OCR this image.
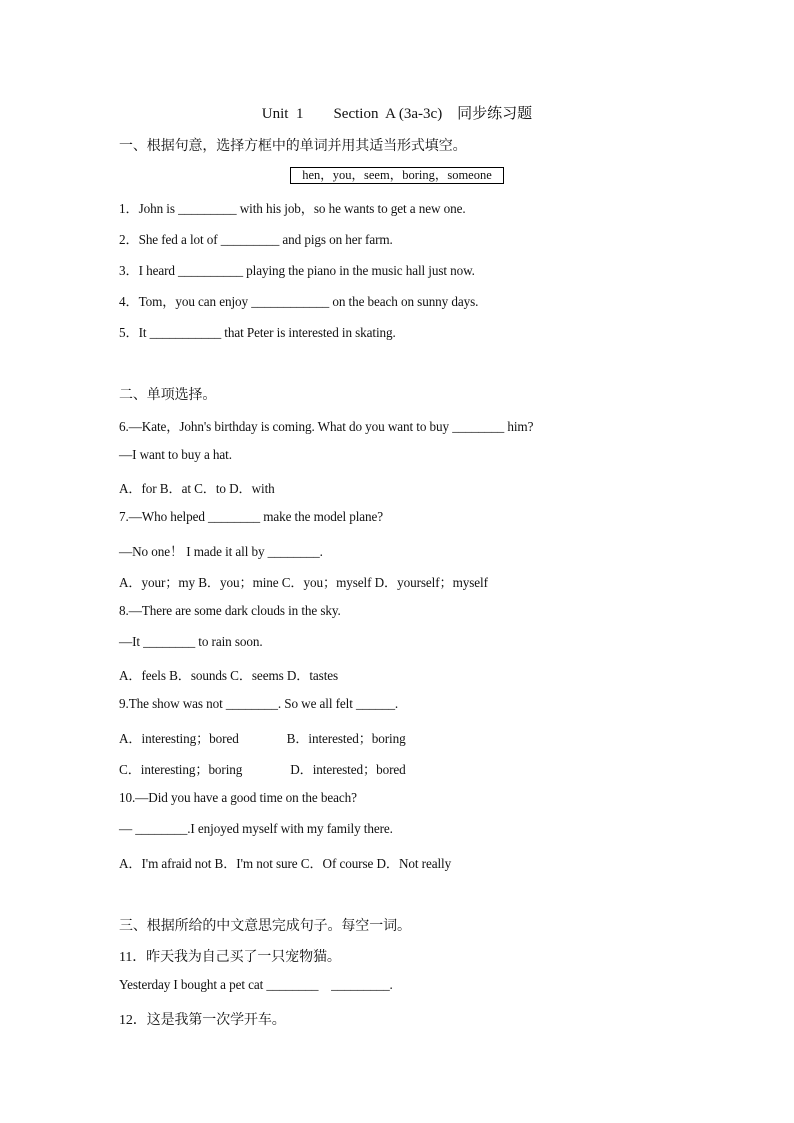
Unit  1        Section  A (3a-3c)    同步练习题
一、根据句意，选择方框中的单词并用其适当形式填空。
hen，you，seem，boring，someone
1．John is _________ with his job，so he wants to get a new one.
2．She fed a lot of _________ and pigs on her farm.
3．I heard __________ playing the piano in the music hall just now.
4．Tom，you can enjoy ____________ on the beach on sunny days.
5．It ___________ that Peter is interested in skating.
二、单项选择。
6.—Kate，John's birthday is coming. What do you want to buy ________ him?
—I want to buy a hat.
A．for B．at C．to D．with
7.—Who helped ________ make the model plane?
—No one！ I made it all by ________.
A．your；my B．you；mine C．you；myself D．yourself；myself
8.—There are some dark clouds in the sky.
—It ________ to rain soon.
A．feels B．sounds C．seems D．tastes
9.The show was not ________. So we all felt ______.
A．interesting；bored               B．interested；boring
C．interesting；boring               D．interested；bored
10.—Did you have a good time on the beach?
— ________.I enjoyed myself with my family there.
A．I'm afraid not B．I'm not sure C．Of course D．Not really
三、根据所给的中文意思完成句子。每空一词。
11．昨天我为自己买了一只宠物猫。
Yesterday I bought a pet cat ________    _________.
12．这是我第一次学开车。
